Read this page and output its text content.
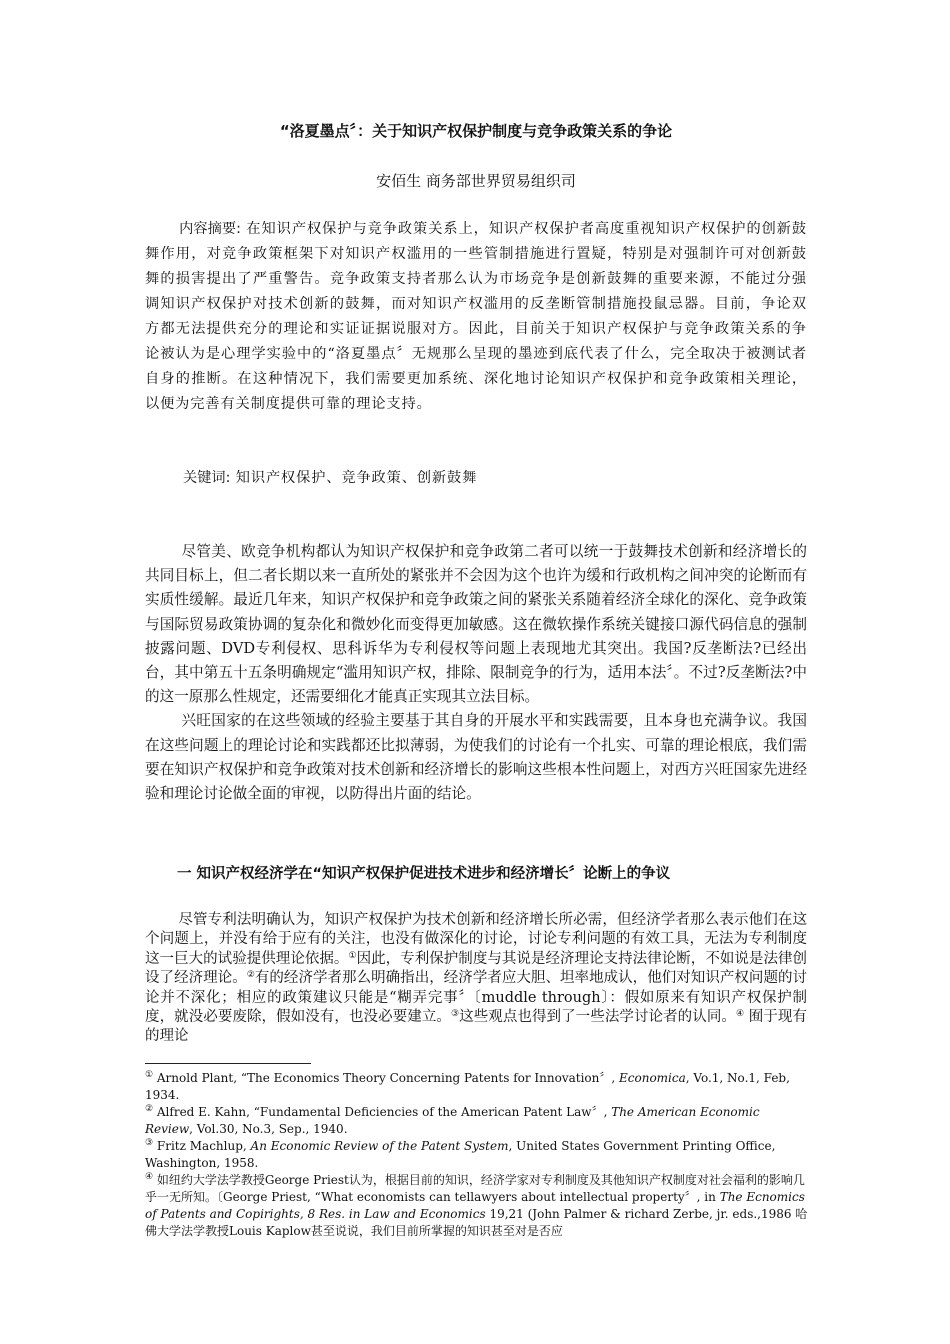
“洛夏墨点〞：关于知识产权保护制度与竞争政策关系的争论
安佰生 商务部世界贸易组织司
内容摘要: 在知识产权保护与竞争政策关系上，知识产权保护者高度重视知识产权保护的创新鼓舞作用，对竞争政策框架下对知识产权滥用的一些管制措施进行置疑，特别是对强制许可对创新鼓舞的损害提出了严重警告。竞争政策支持者那么认为市场竞争是创新鼓舞的重要来源，不能过分强调知识产权保护对技术创新的鼓舞，而对知识产权滥用的反垄断管制措施投鼠忌器。目前，争论双方都无法提供充分的理论和实证证据说服对方。因此，目前关于知识产权保护与竞争政策关系的争论被认为是心理学实验中的“洛夏墨点〞无规那么呈现的墨迹到底代表了什么，完全取决于被测试者自身的推断。在这种情况下，我们需要更加系统、深化地讨论知识产权保护和竞争政策相关理论，以便为完善有关制度提供可靠的理论支持。
关键词: 知识产权保护、竞争政策、创新鼓舞

尽管美、欧竞争机构都认为知识产权保护和竞争政第二者可以统一于鼓舞技术创新和经济增长的共同目标上，但二者长期以来一直所处的紧张并不会因为这个也许为缓和行政机构之间冲突的论断而有实质性缓解。最近几年来，知识产权保护和竞争政策之间的紧张关系随着经济全球化的深化、竞争政策与国际贸易政策协调的复杂化和微妙化而变得更加敏感。这在微软操作系统关键接口源代码信息的强制披露问题、DVD专利侵权、思科诉华为专利侵权等问题上表现地尤其突出。我国?反垄断法?已经出台，其中第五十五条明确规定“滥用知识产权，排除、限制竞争的行为，适用本法〞。不过?反垄断法?中的这一原那么性规定，还需要细化才能真正实现其立法目标。

兴旺国家的在这些领域的经验主要基于其自身的开展水平和实践需要，且本身也充满争议。我国在这些问题上的理论讨论和实践都还比拟薄弱，为使我们的讨论有一个扎实、可靠的理论根底，我们需要在知识产权保护和竞争政策对技术创新和经济增长的影响这些根本性问题上，对西方兴旺国家先进经验和理论讨论做全面的审视，以防得出片面的结论。

一 知识产权经济学在“知识产权保护促进技术进步和经济增长〞论断上的争议

尽管专利法明确认为，知识产权保护为技术创新和经济增长所必需，但经济学者那么表示他们在这个问题上，并没有给于应有的关注，也没有做深化的讨论，讨论专利问题的有效工具，无法为专利制度这一巨大的试验提供理论依据。①因此，专利保护制度与其说是经济理论支持法律论断，不如说是法律创设了经济理论。②有的经济学者那么明确指出，经济学者应大胆、坦率地成认，他们对知识产权问题的讨论并不深化；相应的政策建议只能是“糊弄完事〞〔muddle through〕：假如原来有知识产权保护制度，就没必要废除，假如没有，也没必要建立。③这些观点也得到了一些法学讨论者的认同。④ 囿于现有的理论

① Arnold Plant, “The Economics Theory Concerning Patents for Innovation〞, Economica, Vo.1, No.1, Feb, 1934.

② Alfred E. Kahn, “Fundamental Deficiencies of the American Patent Law〞, The American Economic Review, Vol.30, No.3, Sep., 1940.

③ Fritz Machlup, An Economic Review of the Patent System, United States Government Printing Office, Washington, 1958.

④ 如纽约大学法学教授George Priest认为，根据目前的知识，经济学家对专利制度及其他知识产权制度对社会福利的影响几乎一无所知。〔George Priest, “What economists can tellawyers about intellectual property〞, in The Ecnomics of Patents and Copirights, 8 Res. in Law and Economics 19,21 (John Palmer & richard Zerbe, jr. eds.,1986 哈佛大学法学教授Louis Kaplow甚至说说，我们目前所掌握的知识甚至对是否应
